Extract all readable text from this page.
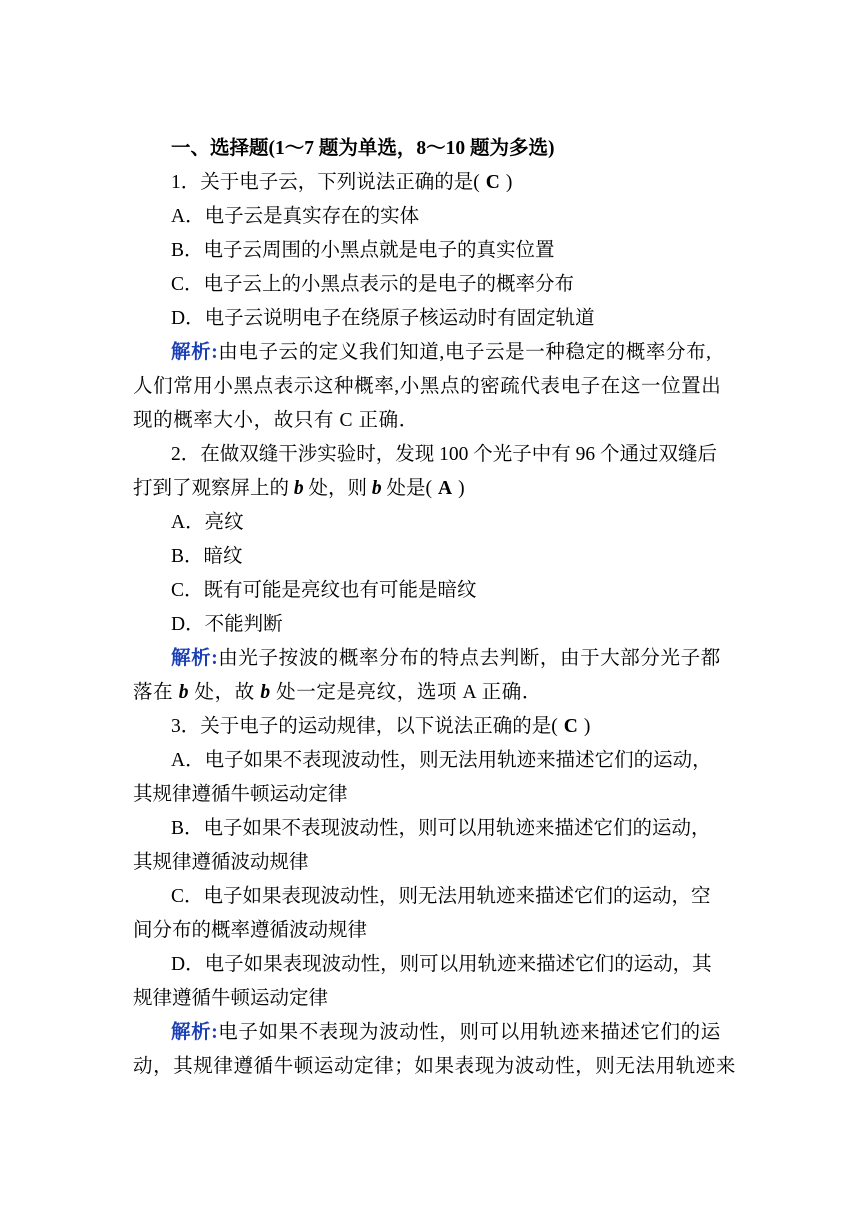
一、选择题(1～7 题为单选，8～10 题为多选)
1．关于电子云，下列说法正确的是( C )
A．电子云是真实存在的实体
B．电子云周围的小黑点就是电子的真实位置
C．电子云上的小黑点表示的是电子的概率分布
D．电子云说明电子在绕原子核运动时有固定轨道
解析:由电子云的定义我们知道,电子云是一种稳定的概率分布,
人们常用小黑点表示这种概率,小黑点的密疏代表电子在这一位置出
现的概率大小，故只有 C 正确．
2．在做双缝干涉实验时，发现 100 个光子中有 96 个通过双缝后
打到了观察屏上的 b 处，则 b 处是( A )
A．亮纹
B．暗纹
C．既有可能是亮纹也有可能是暗纹
D．不能判断
解析:由光子按波的概率分布的特点去判断，由于大部分光子都
落在 b 处，故 b 处一定是亮纹，选项 A 正确．
3．关于电子的运动规律，以下说法正确的是( C )
A．电子如果不表现波动性，则无法用轨迹来描述它们的运动，
其规律遵循牛顿运动定律
B．电子如果不表现波动性，则可以用轨迹来描述它们的运动，
其规律遵循波动规律
C．电子如果表现波动性，则无法用轨迹来描述它们的运动，空
间分布的概率遵循波动规律
D．电子如果表现波动性，则可以用轨迹来描述它们的运动，其
规律遵循牛顿运动定律
解析:电子如果不表现为波动性，则可以用轨迹来描述它们的运
动，其规律遵循牛顿运动定律；如果表现为波动性，则无法用轨迹来
